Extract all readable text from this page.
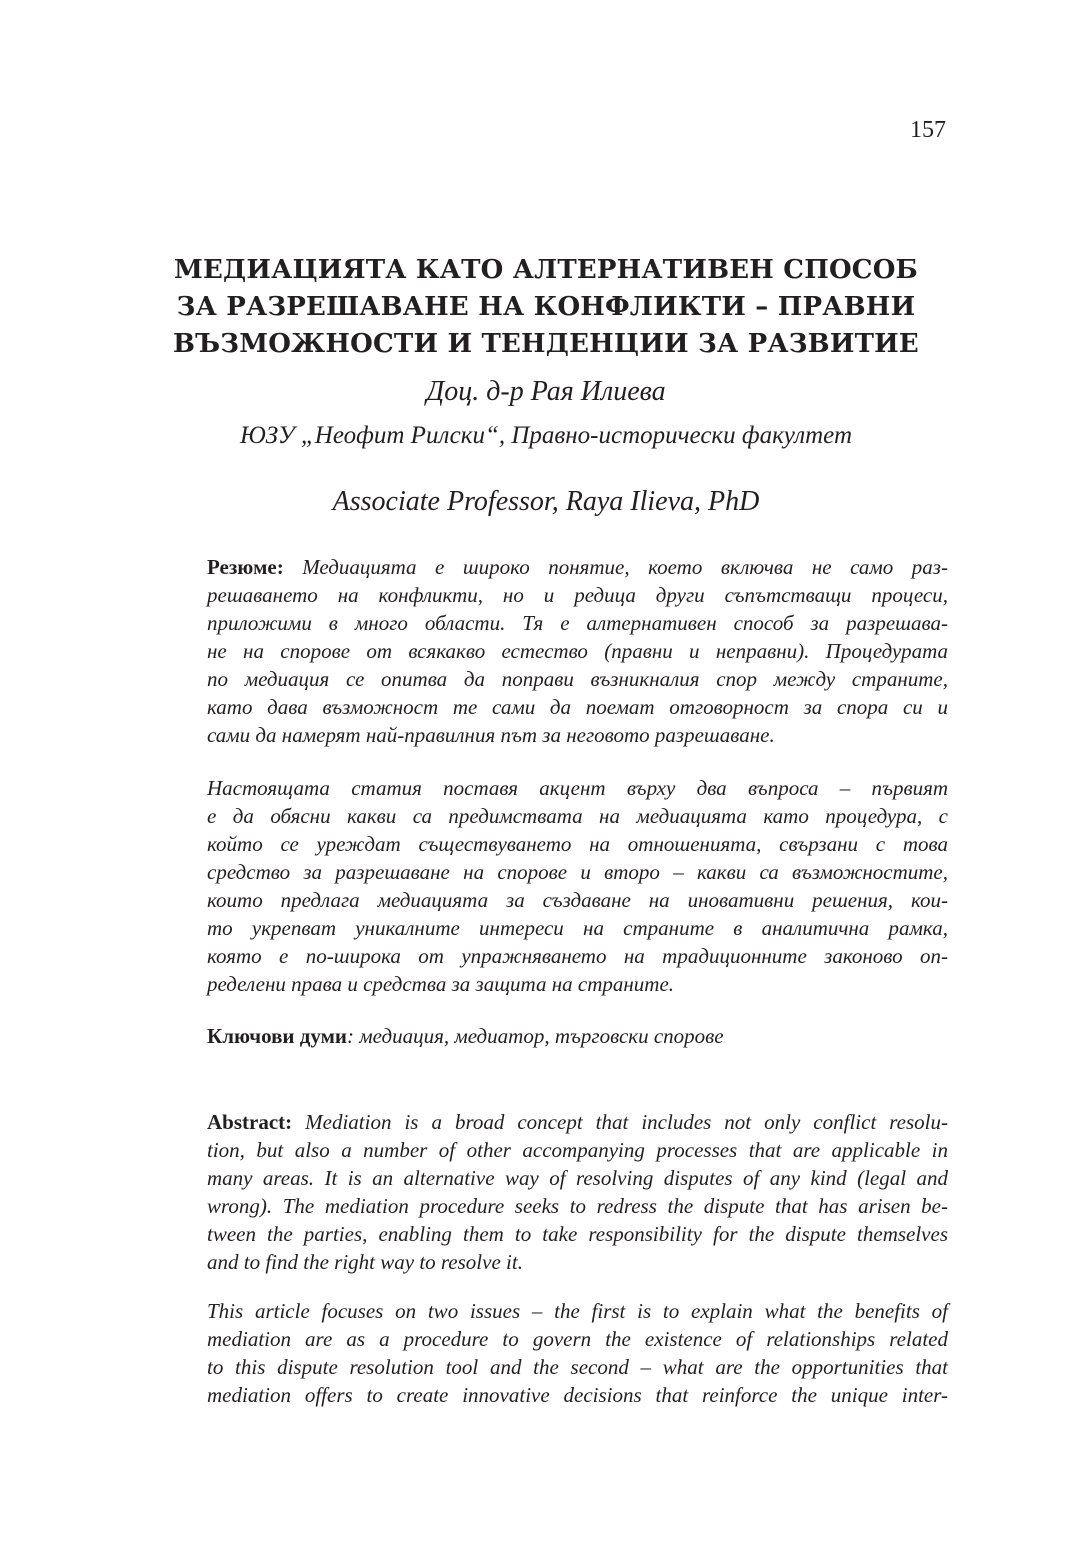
157
МЕДИАЦИЯТА КАТО АЛТЕРНАТИВЕН СПОСОБ
ЗА РАЗРЕШАВАНЕ НА КОНФЛИКТИ – ПРАВНИ
ВЪЗМОЖНОСТИ И ТЕНДЕНЦИИ ЗА РАЗВИТИЕ
Доц. д-р Рая Илиева
ЮЗУ „Неофит Рилски“, Правно-исторически факултет
Associate Professor, Raya Ilieva, PhD

Резюме: Медиацията е широко понятие, което включва не само раз-
решаването на конфликти, но и редица други съпътстващи процеси,
приложими в много области. Тя е алтернативен способ за разрешава-
не на спорове от всякакво естество (правни и неправни). Процедурата
по медиация се опитва да поправи възникналия спор между страните,
като дава възможност те сами да поемат отговорност за спора си и
сами да намерят най-правилния път за неговото разрешаване.

Настоящата статия поставя акцент върху два въпроса – първият
е да обясни какви са предимствата на медиацията като процедура, с
който се уреждат съществуването на отношенията, свързани с това
средство за разрешаване на спорове и второ – какви са възможностите,
които предлага медиацията за създаване на иновативни решения, кои-
то укрепват уникалните интереси на страните в аналитична рамка,
която е по-широка от упражняването на традиционните законово оп-
ределени права и средства за защита на страните.

Ключови думи: медиация, медиатор, търговски спорове

Abstract: Mediation is a broad concept that includes not only conflict resolu-
tion, but also a number of other accompanying processes that are applicable in
many areas. It is an alternative way of resolving disputes of any kind (legal and
wrong). The mediation procedure seeks to redress the dispute that has arisen be-
tween the parties, enabling them to take responsibility for the dispute themselves
and to find the right way to resolve it.

This article focuses on two issues – the first is to explain what the benefits of
mediation are as a procedure to govern the existence of relationships related
to this dispute resolution tool and the second – what are the opportunities that
mediation offers to create innovative decisions that reinforce the unique inter-
